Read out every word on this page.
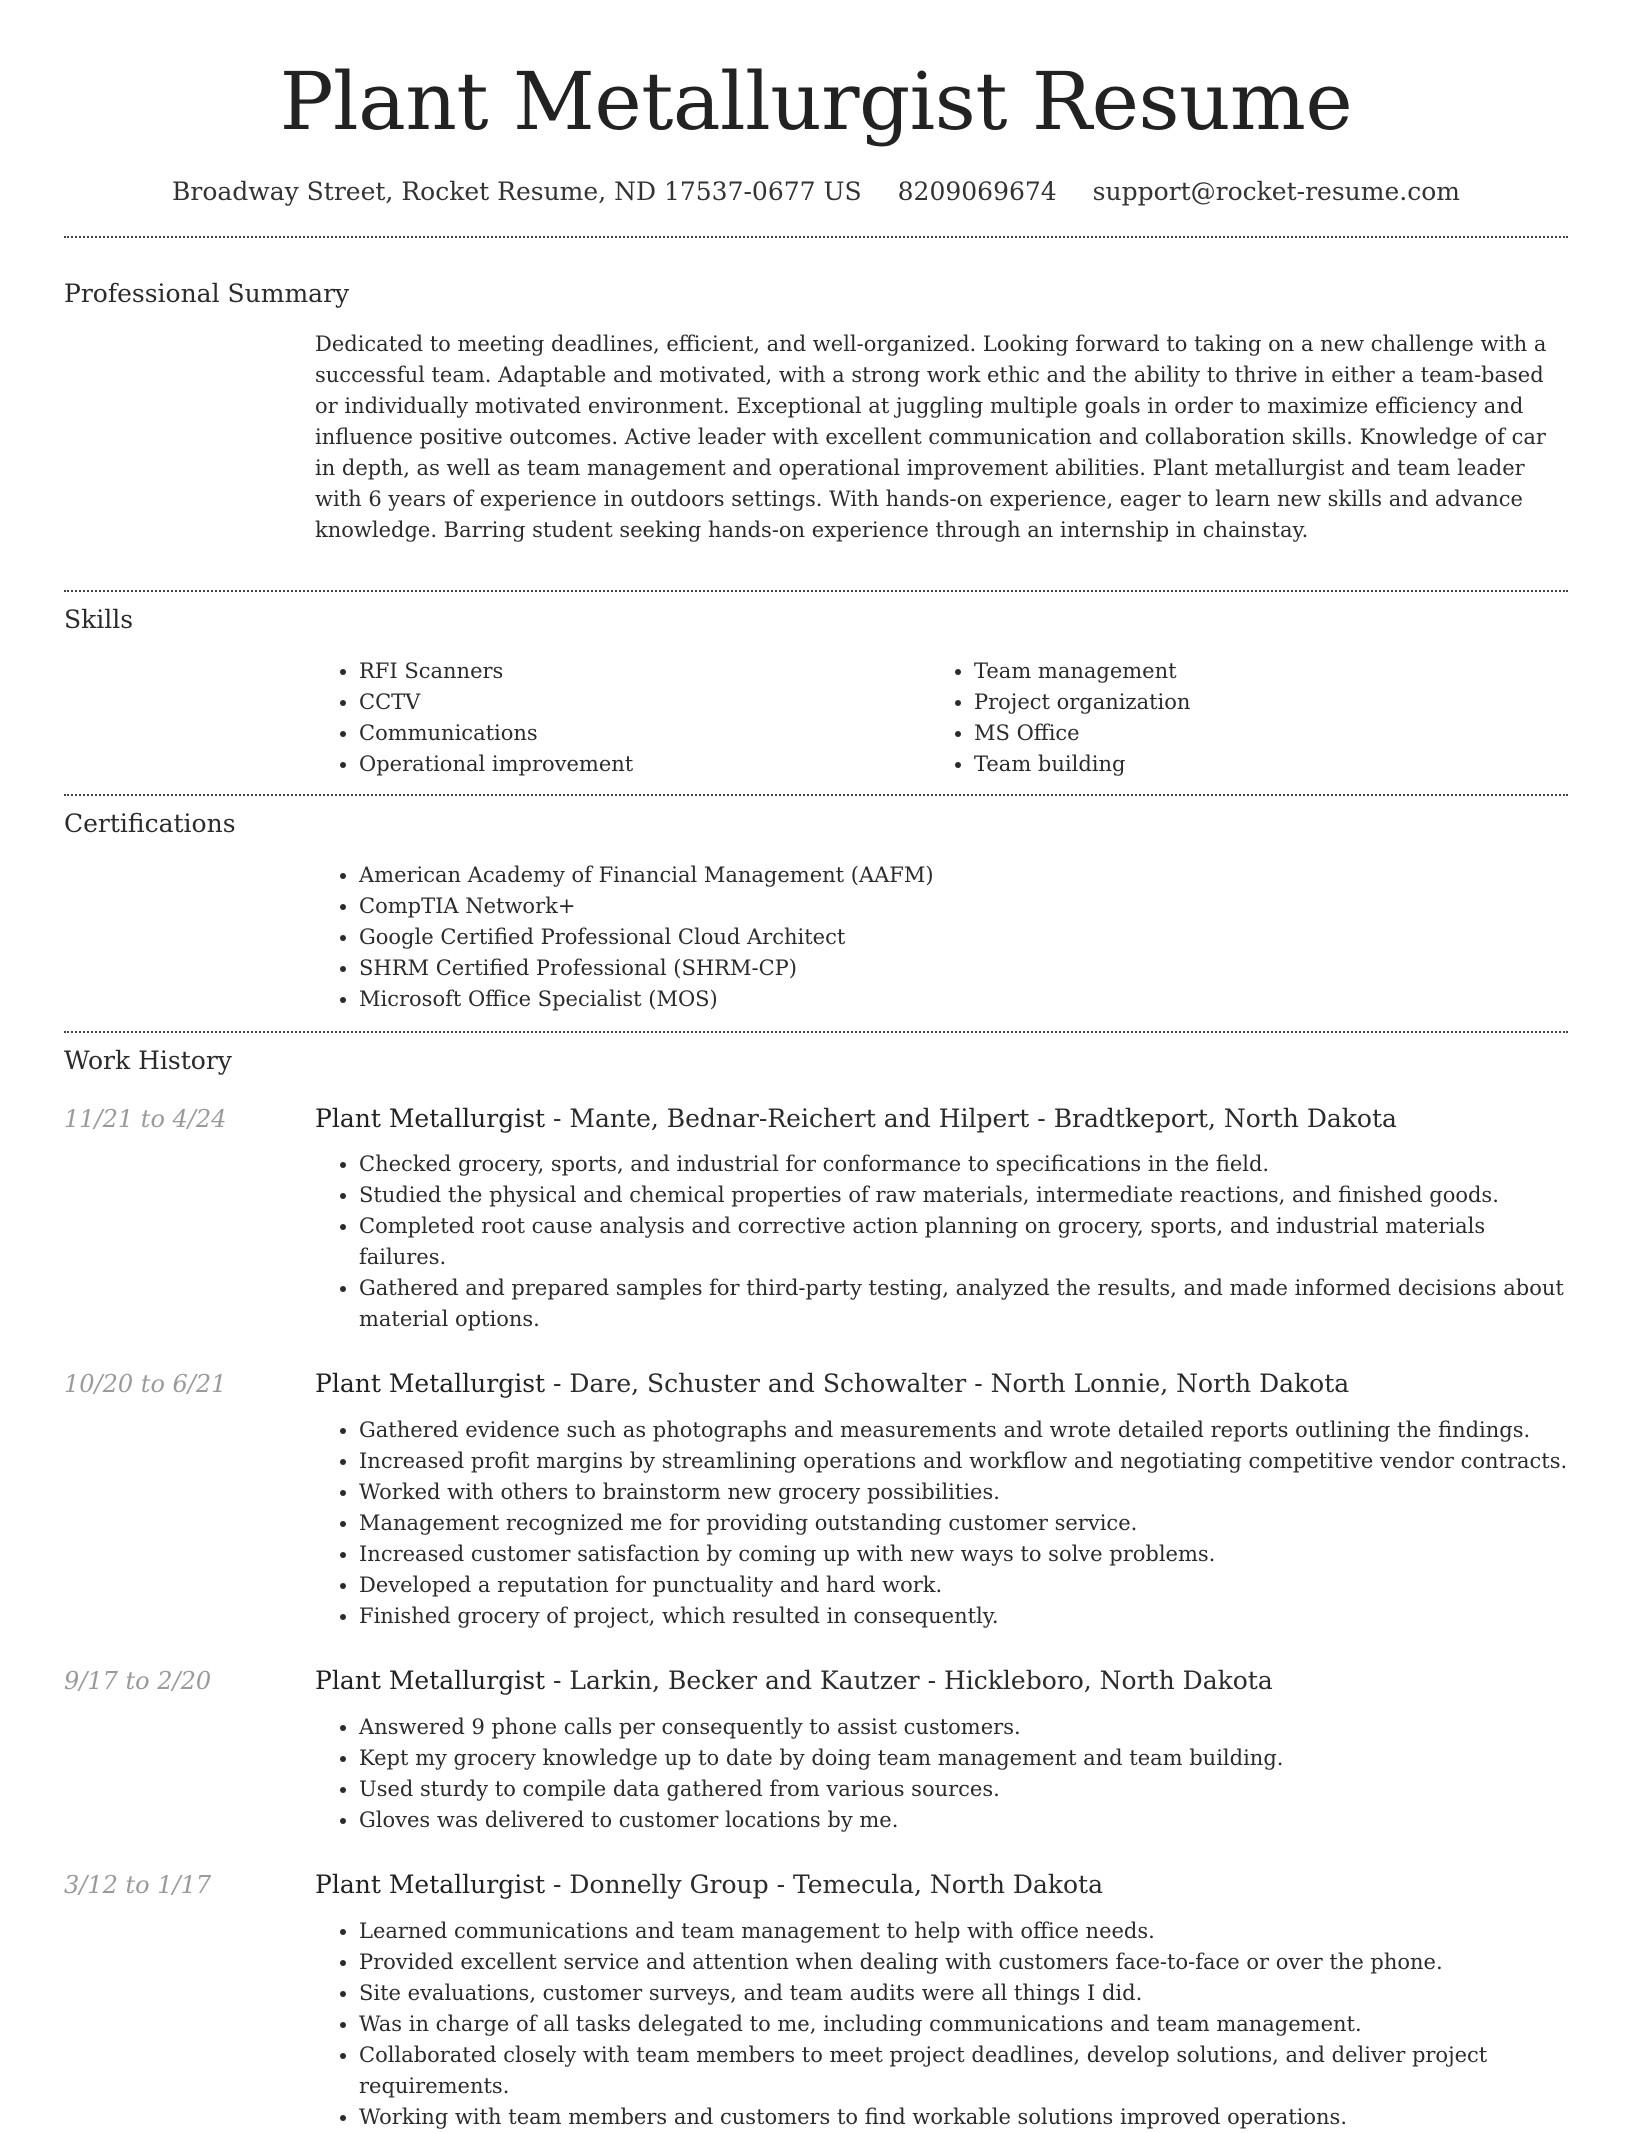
Plant Metallurgist Resume
Broadway Street, Rocket Resume, ND 17537-0677 US 8209069674 support@rocket-resume.com
Professional Summary
Dedicated to meeting deadlines, efficient, and well-organized. Looking forward to taking on a new challenge with a successful team. Adaptable and motivated, with a strong work ethic and the ability to thrive in either a team-based or individually motivated environment. Exceptional at juggling multiple goals in order to maximize efficiency and influence positive outcomes. Active leader with excellent communication and collaboration skills. Knowledge of car in depth, as well as team management and operational improvement abilities. Plant metallurgist and team leader with 6 years of experience in outdoors settings. With hands-on experience, eager to learn new skills and advance knowledge. Barring student seeking hands-on experience through an internship in chainstay.
Skills
• RFI Scanners
• CCTV
• Communications
• Operational improvement
• Team management
• Project organization
• MS Office
• Team building
Certifications
• American Academy of Financial Management (AAFM)
• CompTIA Network+
• Google Certified Professional Cloud Architect
• SHRM Certified Professional (SHRM-CP)
• Microsoft Office Specialist (MOS)
Work History
11/21 to 4/24	Plant Metallurgist - Mante, Bednar-Reichert and Hilpert - Bradtkeport, North Dakota
• Checked grocery, sports, and industrial for conformance to specifications in the field.
• Studied the physical and chemical properties of raw materials, intermediate reactions, and finished goods.
• Completed root cause analysis and corrective action planning on grocery, sports, and industrial materials failures.
• Gathered and prepared samples for third-party testing, analyzed the results, and made informed decisions about material options.
10/20 to 6/21	Plant Metallurgist - Dare, Schuster and Schowalter - North Lonnie, North Dakota
• Gathered evidence such as photographs and measurements and wrote detailed reports outlining the findings.
• Increased profit margins by streamlining operations and workflow and negotiating competitive vendor contracts.
• Worked with others to brainstorm new grocery possibilities.
• Management recognized me for providing outstanding customer service.
• Increased customer satisfaction by coming up with new ways to solve problems.
• Developed a reputation for punctuality and hard work.
• Finished grocery of project, which resulted in consequently.
9/17 to 2/20	Plant Metallurgist - Larkin, Becker and Kautzer - Hickleboro, North Dakota
• Answered 9 phone calls per consequently to assist customers.
• Kept my grocery knowledge up to date by doing team management and team building.
• Used sturdy to compile data gathered from various sources.
• Gloves was delivered to customer locations by me.
3/12 to 1/17	Plant Metallurgist - Donnelly Group - Temecula, North Dakota
• Learned communications and team management to help with office needs.
• Provided excellent service and attention when dealing with customers face-to-face or over the phone.
• Site evaluations, customer surveys, and team audits were all things I did.
• Was in charge of all tasks delegated to me, including communications and team management.
• Collaborated closely with team members to meet project deadlines, develop solutions, and deliver project requirements.
• Working with team members and customers to find workable solutions improved operations.
